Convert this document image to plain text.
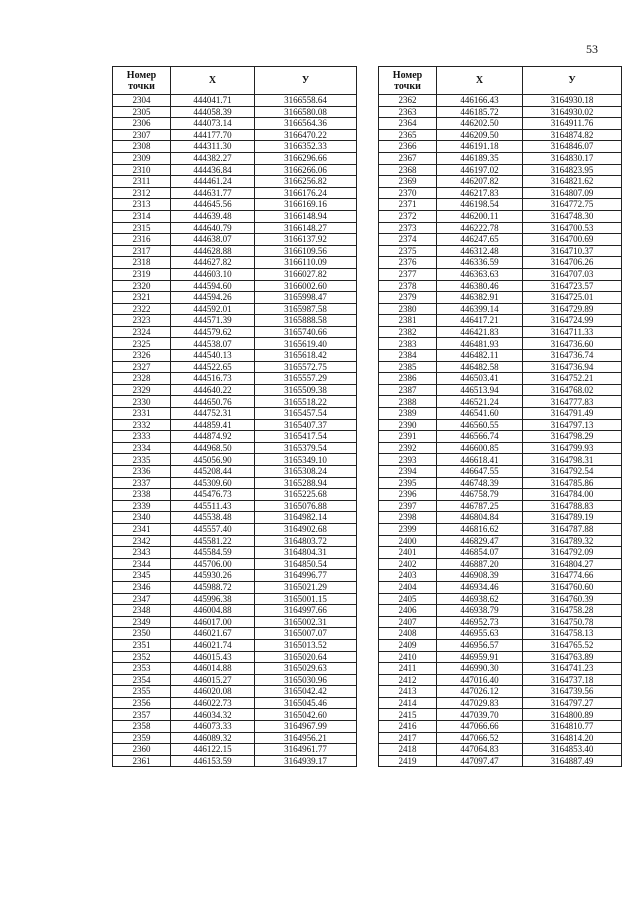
53
Номер
точки	X	У
2304	444041.71	3166558.64
2305	444058.39	3166580.08
2306	444073.14	3166564.36
2307	444177.70	3166470.22
2308	444311.30	3166352.33
2309	444382.27	3166296.66
2310	444436.84	3166266.06
2311	444461.24	3166256.82
2312	444631.77	3166176.24
2313	444645.56	3166169.16
2314	444639.48	3166148.94
2315	444640.79	3166148.27
2316	444638.07	3166137.92
2317	444628.88	3166109.56
2318	444627.82	3166110.09
2319	444603.10	3166027.82
2320	444594.60	3166002.60
2321	444594.26	3165998.47
2322	444592.01	3165987.58
2323	444571.39	3165888.58
2324	444579.62	3165740.66
2325	444538.07	3165619.40
2326	444540.13	3165618.42
2327	444522.65	3165572.75
2328	444516.73	3165557.29
2329	444640.22	3165509.38
2330	444650.76	3165518.22
2331	444752.31	3165457.54
2332	444859.41	3165407.37
2333	444874.92	3165417.54
2334	444968.50	3165379.54
2335	445056.90	3165349.10
2336	445208.44	3165308.24
2337	445309.60	3165288.94
2338	445476.73	3165225.68
2339	445511.43	3165076.88
2340	445538.48	3164982.14
2341	445557.40	3164902.68
2342	445581.22	3164803.72
2343	445584.59	3164804.31
2344	445706.00	3164850.54
2345	445930.26	3164996.77
2346	445988.72	3165021.29
2347	445996.38	3165001.15
2348	446004.88	3164997.66
2349	446017.00	3165002.31
2350	446021.67	3165007.07
2351	446021.74	3165013.52
2352	446015.43	3165020.64
2353	446014.88	3165029.63
2354	446015.27	3165030.96
2355	446020.08	3165042.42
2356	446022.73	3165045.46
2357	446034.32	3165042.60
2358	446073.33	3164967.99
2359	446089.32	3164956.21
2360	446122.15	3164961.77
2361	446153.59	3164939.17
Номер
точки	X	У
2362	446166.43	3164930.18
2363	446185.72	3164930.02
2364	446202.50	3164911.76
2365	446209.50	3164874.82
2366	446191.18	3164846.07
2367	446189.35	3164830.17
2368	446197.02	3164823.95
2369	446207.82	3164821.62
2370	446217.83	3164807.09
2371	446198.54	3164772.75
2372	446200.11	3164748.30
2373	446222.78	3164700.53
2374	446247.65	3164700.69
2375	446312.48	3164710.37
2376	446336.59	3164706.26
2377	446363.63	3164707.03
2378	446380.46	3164723.57
2379	446382.91	3164725.01
2380	446399.14	3164729.89
2381	446417.21	3164724.99
2382	446421.83	3164711.33
2383	446481.93	3164736.60
2384	446482.11	3164736.74
2385	446482.58	3164736.94
2386	446503.41	3164752.21
2387	446513.94	3164768.02
2388	446521.24	3164777.83
2389	446541.60	3164791.49
2390	446560.55	3164797.13
2391	446566.74	3164798.29
2392	446600.85	3164799.93
2393	446618.41	3164798.31
2394	446647.55	3164792.54
2395	446748.39	3164785.86
2396	446758.79	3164784.00
2397	446787.25	3164788.83
2398	446804.84	3164789.19
2399	446816.62	3164787.88
2400	446829.47	3164789.32
2401	446854.07	3164792.09
2402	446887.20	3164804.27
2403	446908.39	3164774.66
2404	446934.46	3164760.60
2405	446938.62	3164760.39
2406	446938.79	3164758.28
2407	446952.73	3164750.78
2408	446955.63	3164758.13
2409	446956.57	3164765.52
2410	446959.91	3164763.89
2411	446990.30	3164741.23
2412	447016.40	3164737.18
2413	447026.12	3164739.56
2414	447029.83	3164797.27
2415	447039.70	3164800.89
2416	447066.66	3164810.77
2417	447066.52	3164814.20
2418	447064.83	3164853.40
2419	447097.47	3164887.49
